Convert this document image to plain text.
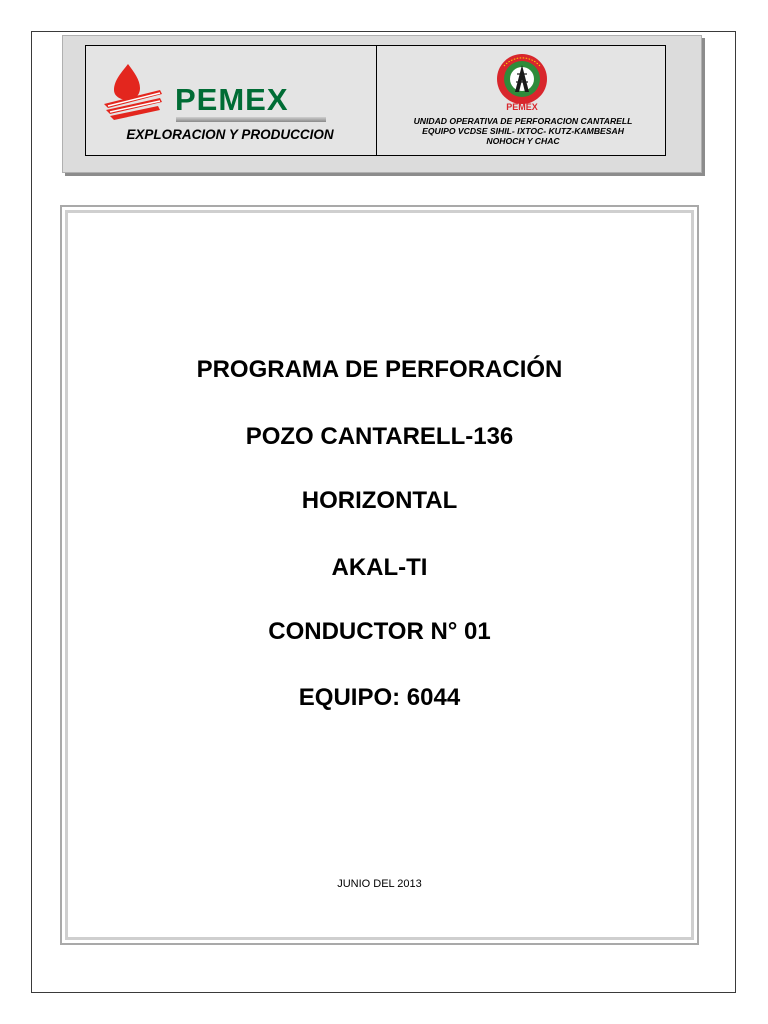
PEMEX
EXPLORACION Y PRODUCCION
PEMEX
UNIDAD OPERATIVA DE PERFORACION CANTARELL
EQUIPO VCDSE SIHIL- IXTOC- KUTZ-KAMBESAH
NOHOCH Y CHAC
PROGRAMA DE PERFORACIÓN
POZO CANTARELL-136
HORIZONTAL
AKAL-TI
CONDUCTOR N° 01
EQUIPO: 6044
JUNIO DEL 2013
